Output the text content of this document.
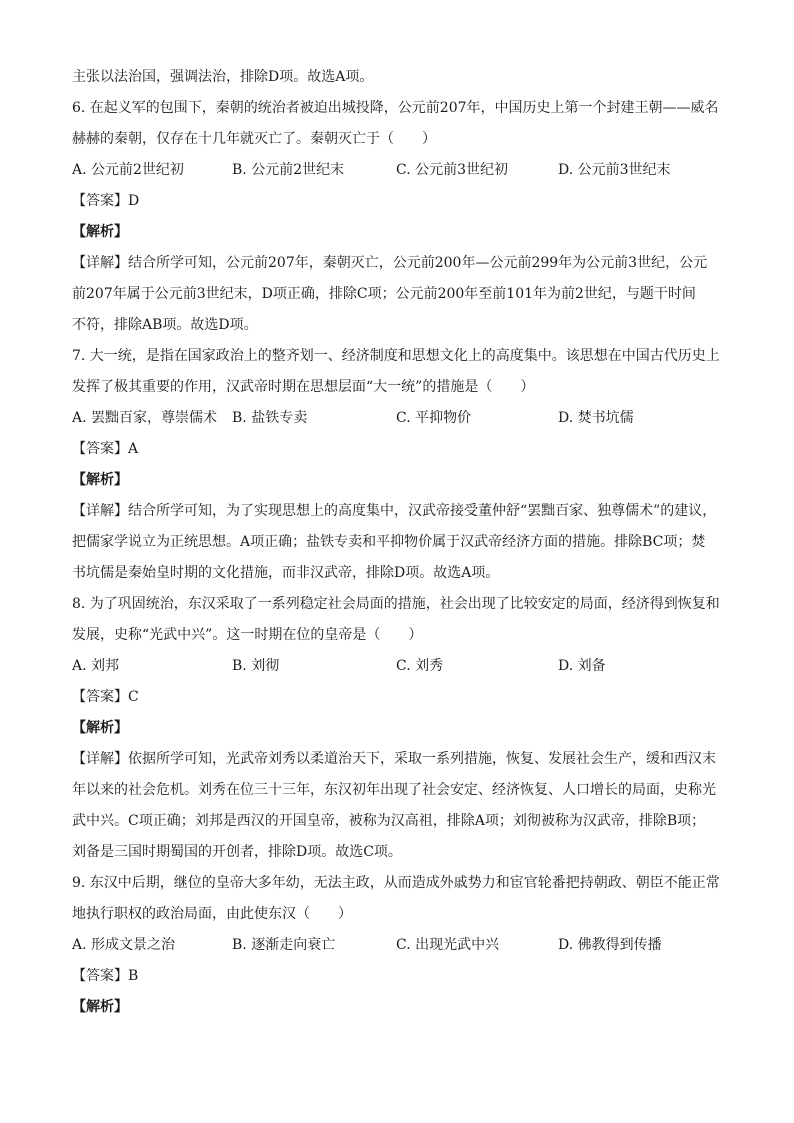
主张以法治国，强调法治，排除D项。故选A项。
6. 在起义军的包围下，秦朝的统治者被迫出城投降，公元前207年，中国历史上第一个封建王朝——威名
赫赫的秦朝，仅存在十几年就灭亡了。秦朝灭亡于（　　）
A. 公元前2世纪初	B. 公元前2世纪末	C. 公元前3世纪初	D. 公元前3世纪末
【答案】D
【解析】
【详解】结合所学可知，公元前207年，秦朝灭亡，公元前200年—公元前299年为公元前3世纪，公元
前207年属于公元前3世纪末，D项正确，排除C项；公元前200年至前101年为前2世纪，与题干时间
不符，排除AB项。故选D项。
7. 大一统，是指在国家政治上的整齐划一、经济制度和思想文化上的高度集中。该思想在中国古代历史上
发挥了极其重要的作用，汉武帝时期在思想层面“大一统”的措施是（　　）
A. 罢黜百家，尊崇儒术	B. 盐铁专卖	C. 平抑物价	D. 焚书坑儒
【答案】A
【解析】
【详解】结合所学可知，为了实现思想上的高度集中，汉武帝接受董仲舒“罢黜百家、独尊儒术”的建议，
把儒家学说立为正统思想。A项正确；盐铁专卖和平抑物价属于汉武帝经济方面的措施。排除BC项；焚
书坑儒是秦始皇时期的文化措施，而非汉武帝，排除D项。故选A项。
8. 为了巩固统治，东汉采取了一系列稳定社会局面的措施，社会出现了比较安定的局面，经济得到恢复和
发展，史称“光武中兴”。这一时期在位的皇帝是（　　）
A. 刘邦	B. 刘彻	C. 刘秀	D. 刘备
【答案】C
【解析】
【详解】依据所学可知，光武帝刘秀以柔道治天下，采取一系列措施，恢复、发展社会生产，缓和西汉末
年以来的社会危机。刘秀在位三十三年，东汉初年出现了社会安定、经济恢复、人口增长的局面，史称光
武中兴。C项正确；刘邦是西汉的开国皇帝，被称为汉高祖，排除A项；刘彻被称为汉武帝，排除B项；
刘备是三国时期蜀国的开创者，排除D项。故选C项。
9. 东汉中后期，继位的皇帝大多年幼，无法主政，从而造成外戚势力和宦官轮番把持朝政、朝臣不能正常
地执行职权的政治局面，由此使东汉（　　）
A. 形成文景之治	B. 逐渐走向衰亡	C. 出现光武中兴	D. 佛教得到传播
【答案】B
【解析】
